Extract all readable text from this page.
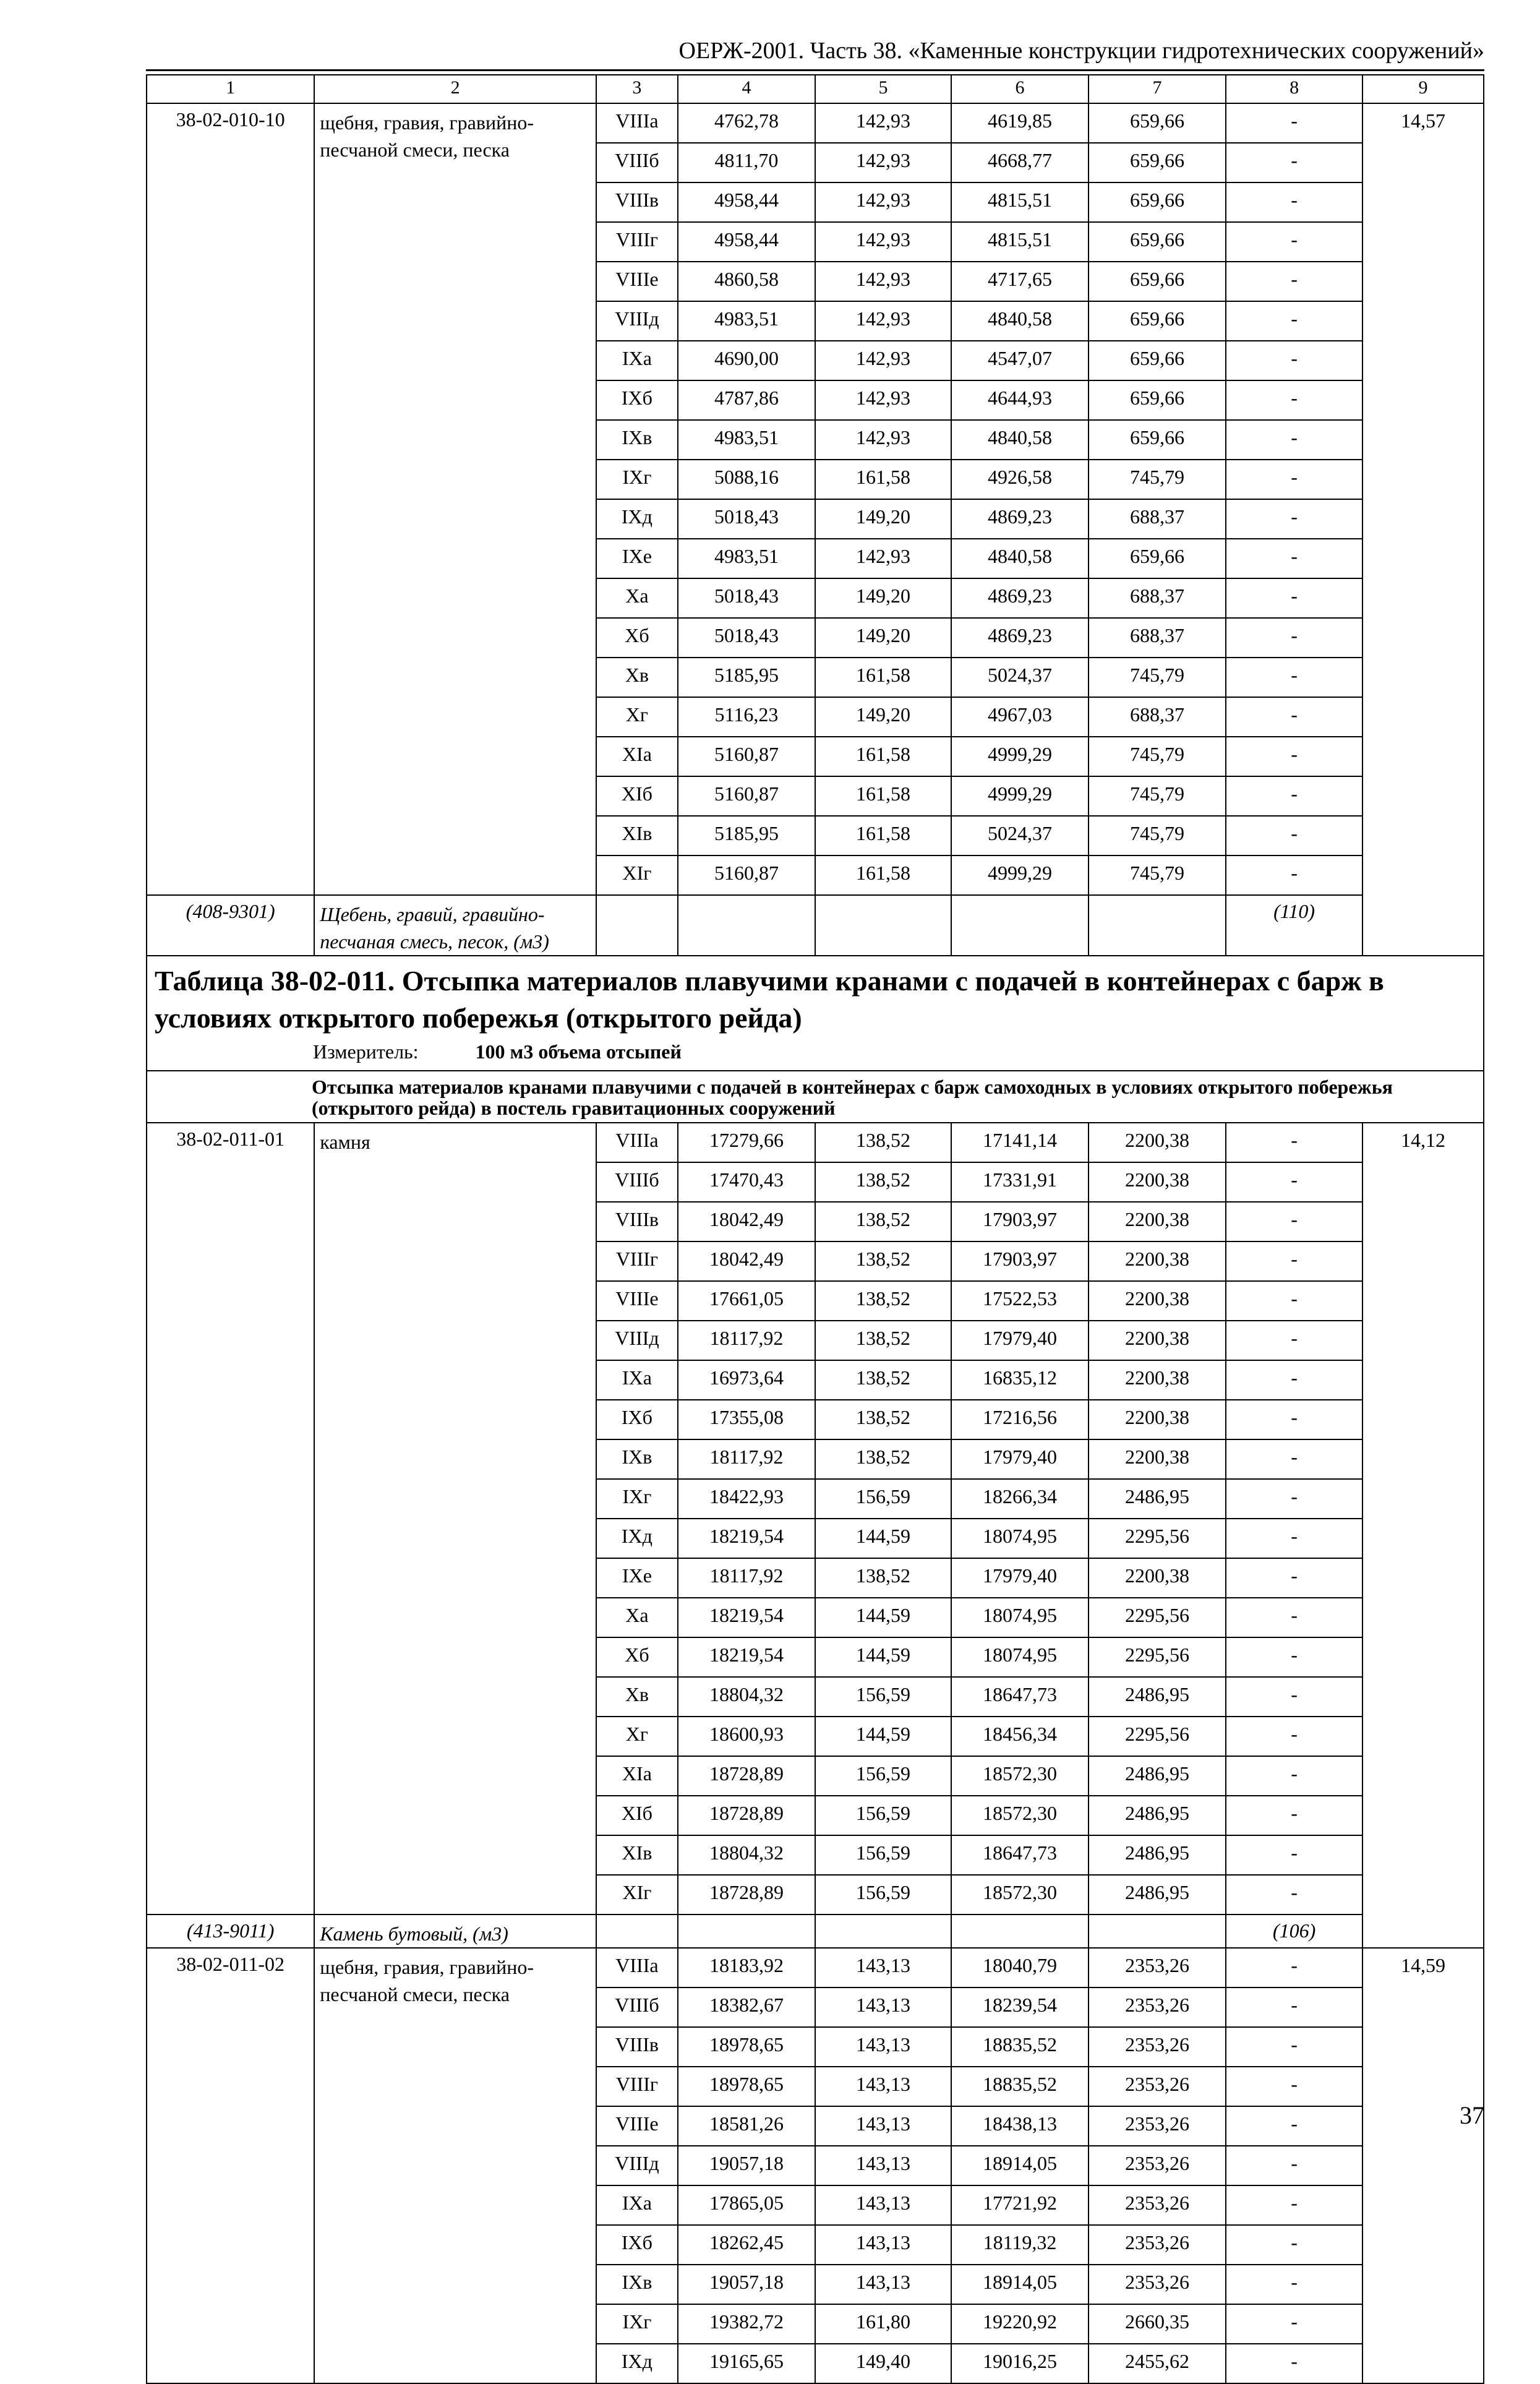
ОЕРЖ-2001. Часть 38. «Каменные конструкции гидротехнических сооружений»
1	2	3	4	5	6	7	8	9
38-02-010-10	щебня, гравия, гравийно-песчаной смеси, песка	VIIIа	4762,78	142,93	4619,85	659,66	-	14,57
		VIIIб	4811,70	142,93	4668,77	659,66	-	
		VIIIв	4958,44	142,93	4815,51	659,66	-	
		VIIIг	4958,44	142,93	4815,51	659,66	-	
		VIIIе	4860,58	142,93	4717,65	659,66	-	
		VIIIд	4983,51	142,93	4840,58	659,66	-	
		IXа	4690,00	142,93	4547,07	659,66	-	
		IXб	4787,86	142,93	4644,93	659,66	-	
		IXв	4983,51	142,93	4840,58	659,66	-	
		IXг	5088,16	161,58	4926,58	745,79	-	
		IXд	5018,43	149,20	4869,23	688,37	-	
		IXе	4983,51	142,93	4840,58	659,66	-	
		Xа	5018,43	149,20	4869,23	688,37	-	
		Xб	5018,43	149,20	4869,23	688,37	-	
		Xв	5185,95	161,58	5024,37	745,79	-	
		Xг	5116,23	149,20	4967,03	688,37	-	
		XIа	5160,87	161,58	4999,29	745,79	-	
		XIб	5160,87	161,58	4999,29	745,79	-	
		XIв	5185,95	161,58	5024,37	745,79	-	
		XIг	5160,87	161,58	4999,29	745,79	-	
(408-9301)	Щебень, гравий, гравийно-песчаная смесь, песок, (м3)						(110)	

Таблица 38-02-011. Отсыпка материалов плавучими кранами с подачей в контейнерах с барж в условиях открытого побережья (открытого рейда)
Измеритель: 100 м3 объема отсыпей								

Отсыпка материалов кранами плавучими с подачей в контейнерах с барж самоходных в условиях открытого побережья (открытого рейда) в постель гравитационных сооружений								
38-02-011-01	камня	VIIIа	17279,66	138,52	17141,14	2200,38	-	14,12
		VIIIб	17470,43	138,52	17331,91	2200,38	-	
		VIIIв	18042,49	138,52	17903,97	2200,38	-	
		VIIIг	18042,49	138,52	17903,97	2200,38	-	
		VIIIе	17661,05	138,52	17522,53	2200,38	-	
		VIIIд	18117,92	138,52	17979,40	2200,38	-	
		IXа	16973,64	138,52	16835,12	2200,38	-	
		IXб	17355,08	138,52	17216,56	2200,38	-	
		IXв	18117,92	138,52	17979,40	2200,38	-	
		IXг	18422,93	156,59	18266,34	2486,95	-	
		IXд	18219,54	144,59	18074,95	2295,56	-	
		IXе	18117,92	138,52	17979,40	2200,38	-	
		Xа	18219,54	144,59	18074,95	2295,56	-	
		Xб	18219,54	144,59	18074,95	2295,56	-	
		Xв	18804,32	156,59	18647,73	2486,95	-	
		Xг	18600,93	144,59	18456,34	2295,56	-	
		XIа	18728,89	156,59	18572,30	2486,95	-	
		XIб	18728,89	156,59	18572,30	2486,95	-	
		XIв	18804,32	156,59	18647,73	2486,95	-	
		XIг	18728,89	156,59	18572,30	2486,95	-	
(413-9011)	Камень бутовый, (м3)						(106)	
38-02-011-02	щебня, гравия, гравийно-песчаной смеси, песка	VIIIа	18183,92	143,13	18040,79	2353,26	-	14,59
		VIIIб	18382,67	143,13	18239,54	2353,26	-	
		VIIIв	18978,65	143,13	18835,52	2353,26	-	
		VIIIг	18978,65	143,13	18835,52	2353,26	-	
		VIIIе	18581,26	143,13	18438,13	2353,26	-	
		VIIIд	19057,18	143,13	18914,05	2353,26	-	
		IXа	17865,05	143,13	17721,92	2353,26	-	
		IXб	18262,45	143,13	18119,32	2353,26	-	
		IXв	19057,18	143,13	18914,05	2353,26	-	
		IXг	19382,72	161,80	19220,92	2660,35	-	
		IXд	19165,65	149,40	19016,25	2455,62	-	
37
